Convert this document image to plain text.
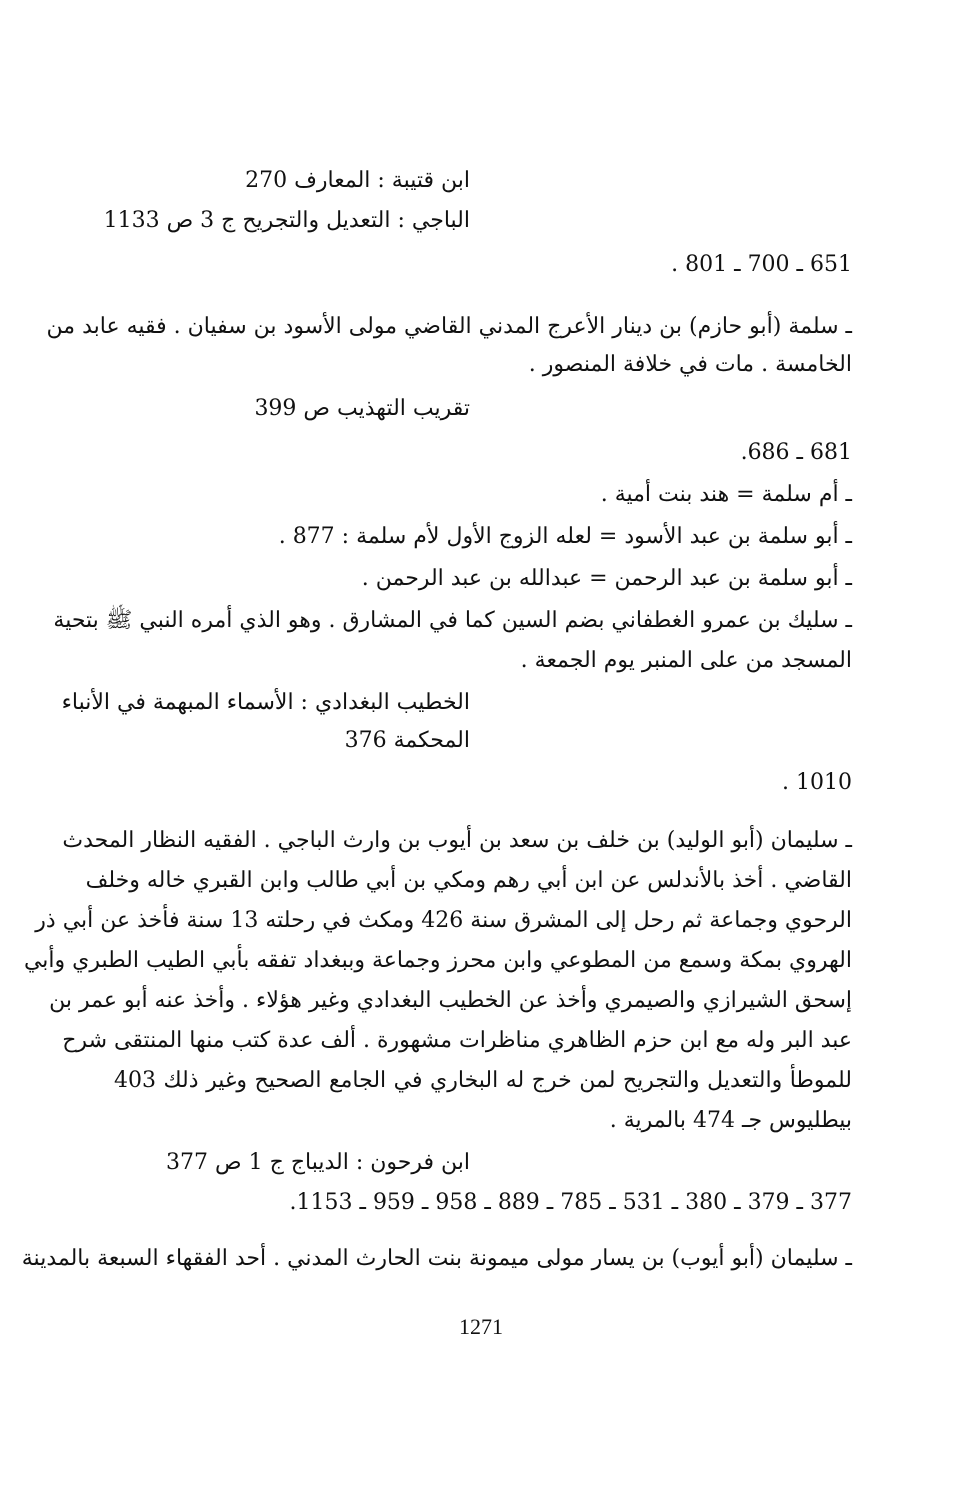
ابن قتيبة : المعارف 270
الباجي : التعديل والتجريح ج 3 ص 1133
651 ـ 700 ـ 801 .
ـ سلمة (أبو حازم) بن دينار الأعرج المدني القاضي مولى الأسود بن سفيان . فقيه عابد من
الخامسة . مات في خلافة المنصور .
تقريب التهذيب ص 399
681 ـ 686.
ـ أم سلمة = هند بنت أمية .
ـ أبو سلمة بن عبد الأسود = لعله الزوج الأول لأم سلمة : 877 .
ـ أبو سلمة بن عبد الرحمن = عبدالله بن عبد الرحمن .
ـ سليك بن عمرو الغطفاني بضم السين كما في المشارق . وهو الذي أمره النبي ﷺ بتحية
المسجد من على المنبر يوم الجمعة .
الخطيب البغدادي : الأسماء المبهمة في الأنباء
المحكمة 376
1010 .
ـ سليمان (أبو الوليد) بن خلف بن سعد بن أيوب بن وارث الباجي . الفقيه النظار المحدث
القاضي . أخذ بالأندلس عن ابن أبي رهم ومكي بن أبي طالب وابن القبري خاله وخلف
الرحوي وجماعة ثم رحل إلى المشرق سنة 426 ومكث في رحلته 13 سنة فأخذ عن أبي ذر
الهروي بمكة وسمع من المطوعي وابن محرز وجماعة وببغداد تفقه بأبي الطيب الطبري وأبي
إسحق الشيرازي والصيمري وأخذ عن الخطيب البغدادي وغير هؤلاء . وأخذ عنه أبو عمر بن
عبد البر وله مع ابن حزم الظاهري مناظرات مشهورة . ألف عدة كتب منها المنتقى شرح
للموطأ والتعديل والتجريح لمن خرج له البخاري في الجامع الصحيح وغير ذلك 403
بيطليوس جـ 474 بالمرية .
ابن فرحون : الديباج ج 1 ص 377
377 ـ 379 ـ 380 ـ 531 ـ 785 ـ 889 ـ 958 ـ 959 ـ 1153.
ـ سليمان (أبو أيوب) بن يسار مولى ميمونة بنت الحارث المدني . أحد الفقهاء السبعة بالمدينة
1271
